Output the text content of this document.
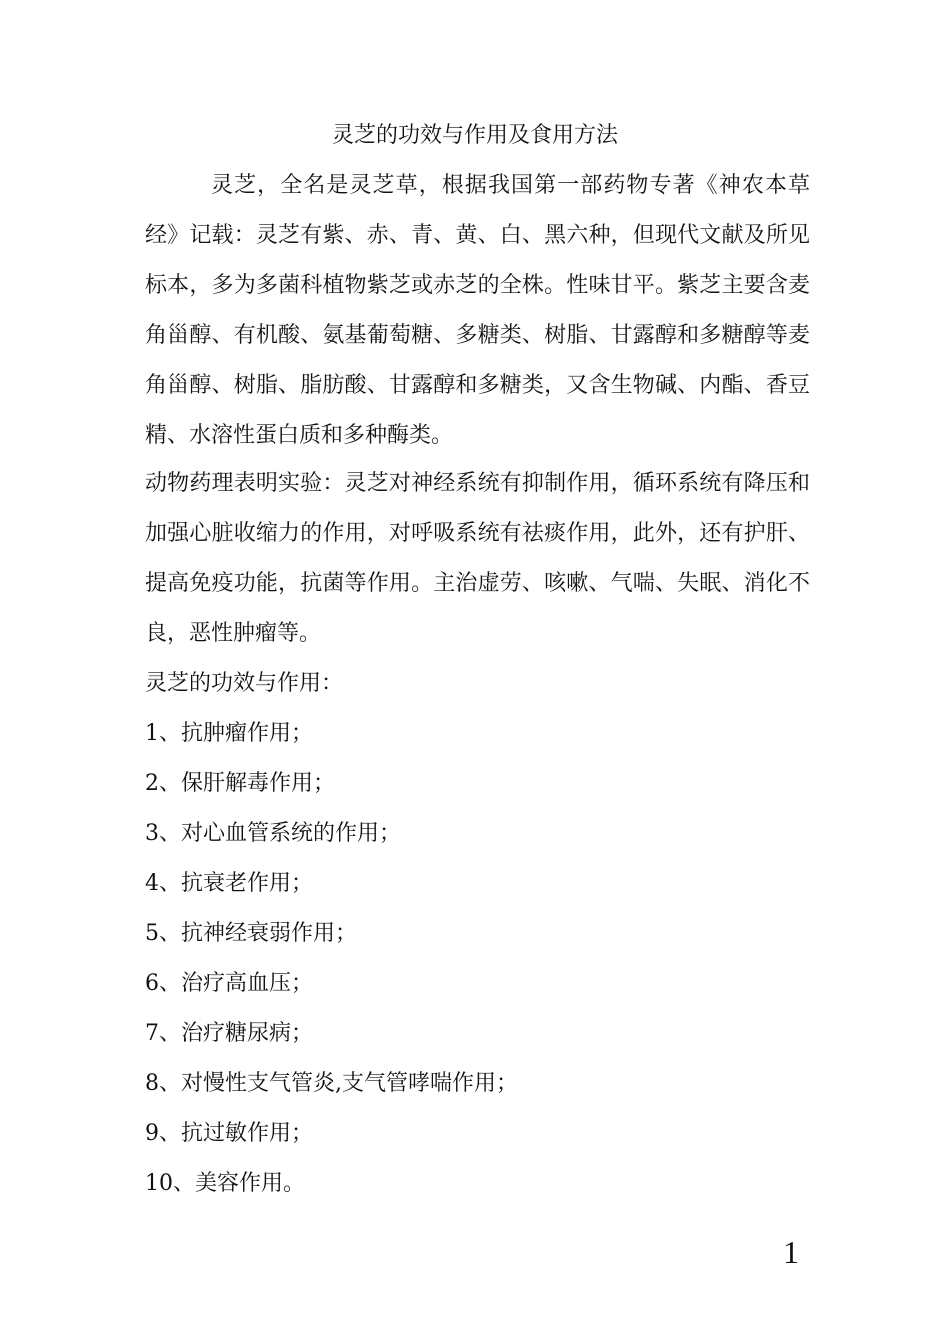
灵芝的功效与作用及食用方法

灵芝，全名是灵芝草，根据我国第一部药物专著《神农本草经》记载：灵芝有紫、赤、青、黄、白、黑六种，但现代文献及所见标本，多为多菌科植物紫芝或赤芝的全株。性味甘平。紫芝主要含麦角甾醇、有机酸、氨基葡萄糖、多糖类、树脂、甘露醇和多糖醇等麦角甾醇、树脂、脂肪酸、甘露醇和多糖类，又含生物碱、内酯、香豆精、水溶性蛋白质和多种酶类。

动物药理表明实验：灵芝对神经系统有抑制作用，循环系统有降压和加强心脏收缩力的作用，对呼吸系统有祛痰作用，此外，还有护肝、提高免疫功能，抗菌等作用。主治虚劳、咳嗽、气喘、失眠、消化不良，恶性肿瘤等。

灵芝的功效与作用：

1、抗肿瘤作用；
2、保肝解毒作用；
3、对心血管系统的作用；
4、抗衰老作用；
5、抗神经衰弱作用；
6、治疗高血压；
7、治疗糖尿病；
8、对慢性支气管炎,支气管哮喘作用；
9、抗过敏作用；
10、美容作用。
1
